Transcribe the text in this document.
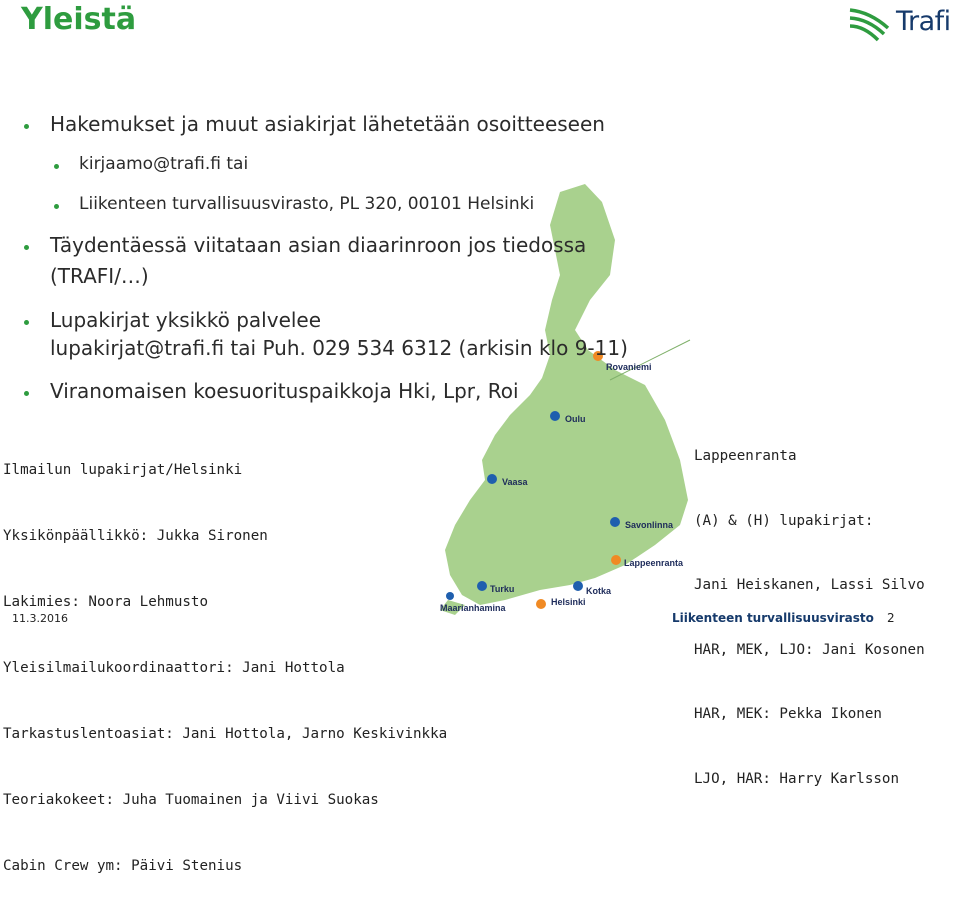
Yleistä	Trafi
Rovaniemi
Oulu
Vaasa
Savonlinna
Lappeenranta
Turku	Kotka
Helsinki
Maarianhamina
Hakemukset ja muut asiakirjat lähetetään osoitteeseen
kirjaamo@trafi.fi tai
Liikenteen turvallisuusvirasto, PL 320, 00101 Helsinki
Täydentäessä viitataan asian diaarinroon jos tiedossa
(TRAFI/…)
Lupakirjat yksikkö palvelee
lupakirjat@trafi.fi tai Puh. 029 534 6312 (arkisin klo 9-11)
Viranomaisen koesuorituspaikkoja Hki, Lpr, Roi

Ilmailun lupakirjat/Helsinki

Yksikönpäällikkö: Jukka Sironen

Lakimies: Noora Lehmusto

Yleisilmailukoordinaattori: Jani Hottola

Tarkastuslentoasiat: Jani Hottola, Jarno Keskivinkka

Teoriakokeet: Juha Tuomainen ja Viivi Suokas

Cabin Crew ym: Päivi Stenius

Lappeenranta

(A) & (H) lupakirjat:

Jani Heiskanen, Lassi Silvo

HAR, MEK, LJO: Jani Kosonen

HAR, MEK: Pekka Ikonen

LJO, HAR: Harry Karlsson

11.3.2016	Liikenteen turvallisuusvirasto 2
